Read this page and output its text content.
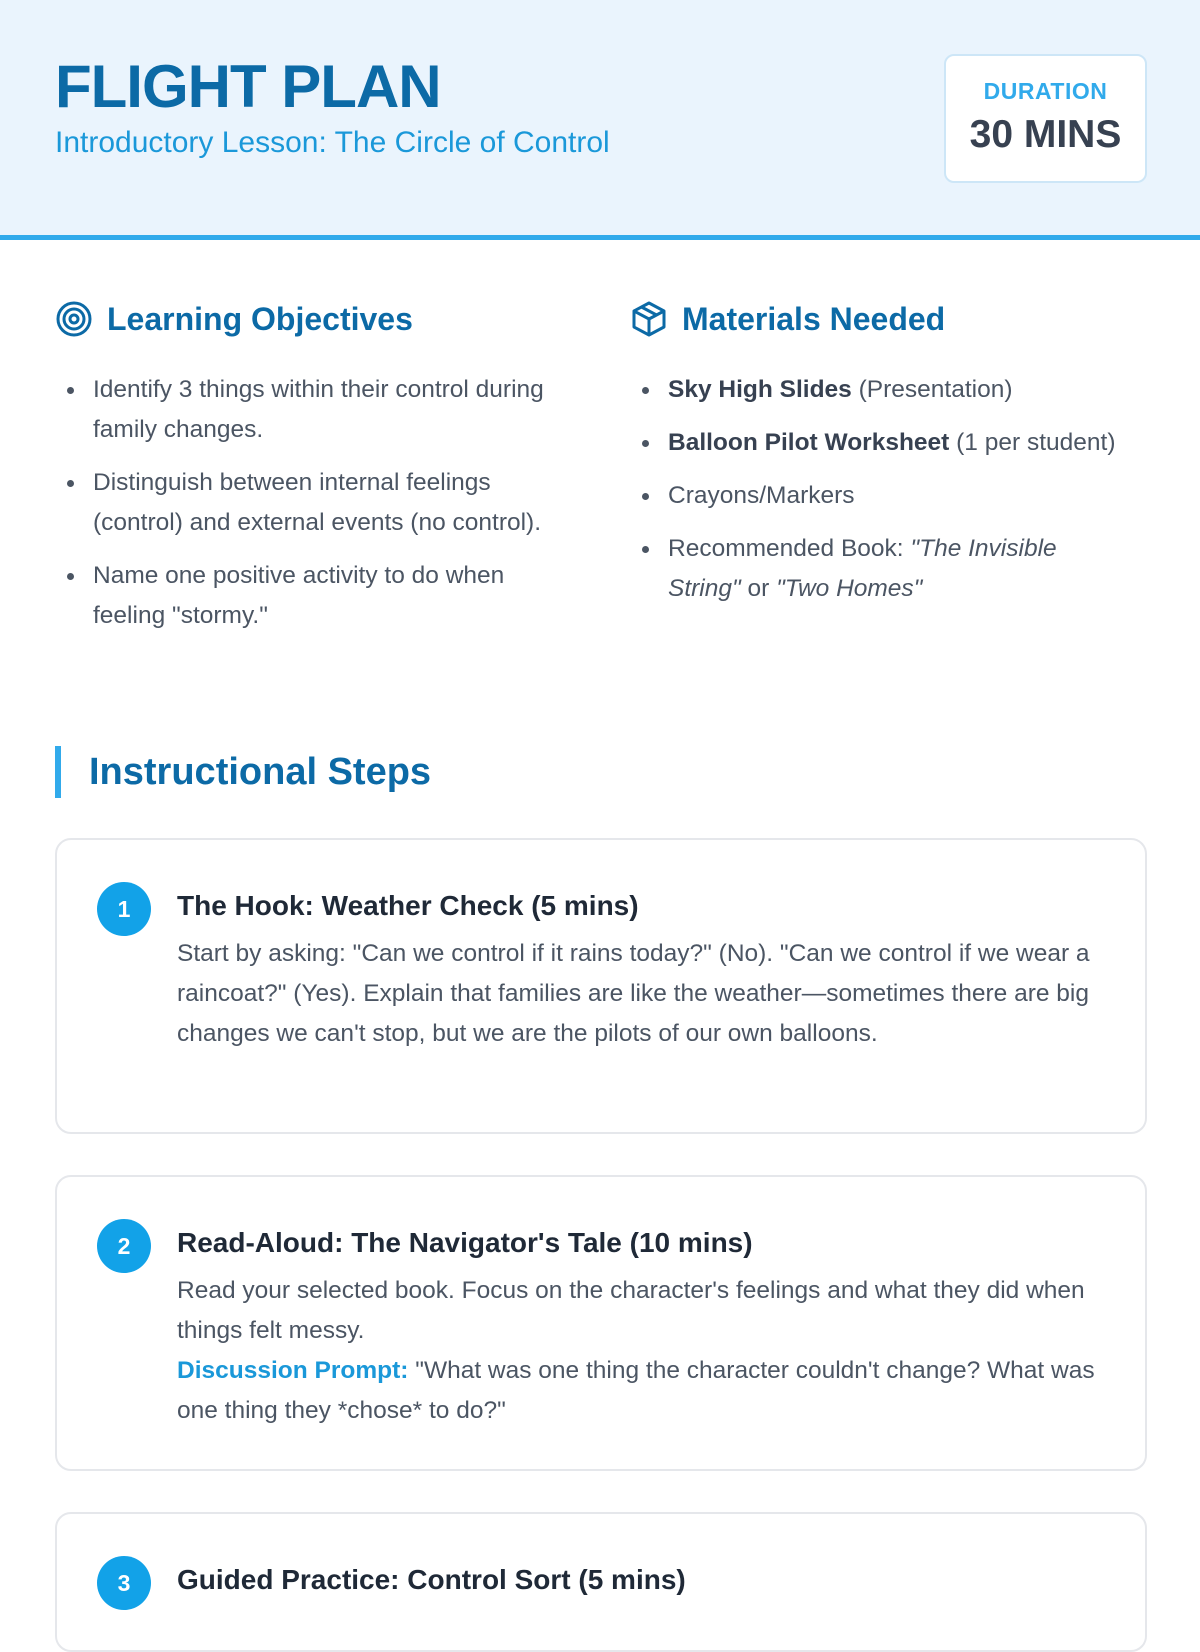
FLIGHT PLAN
Introductory Lesson: The Circle of Control
DURATION
30 MINS
Learning Objectives
Identify 3 things within their control during family changes.
Distinguish between internal feelings (control) and external events (no control).
Name one positive activity to do when feeling "stormy."
Materials Needed
Sky High Slides (Presentation)
Balloon Pilot Worksheet (1 per student)
Crayons/Markers
Recommended Book: "The Invisible String" or "Two Homes"
Instructional Steps
1	The Hook: Weather Check (5 mins)
Start by asking: "Can we control if it rains today?" (No). "Can we control if we wear a raincoat?" (Yes). Explain that families are like the weather—sometimes there are big changes we can't stop, but we are the pilots of our own balloons.
2	Read-Aloud: The Navigator's Tale (10 mins)
Read your selected book. Focus on the character's feelings and what they did when things felt messy.
Discussion Prompt: "What was one thing the character couldn't change? What was one thing they *chose* to do?"
3	Guided Practice: Control Sort (5 mins)
